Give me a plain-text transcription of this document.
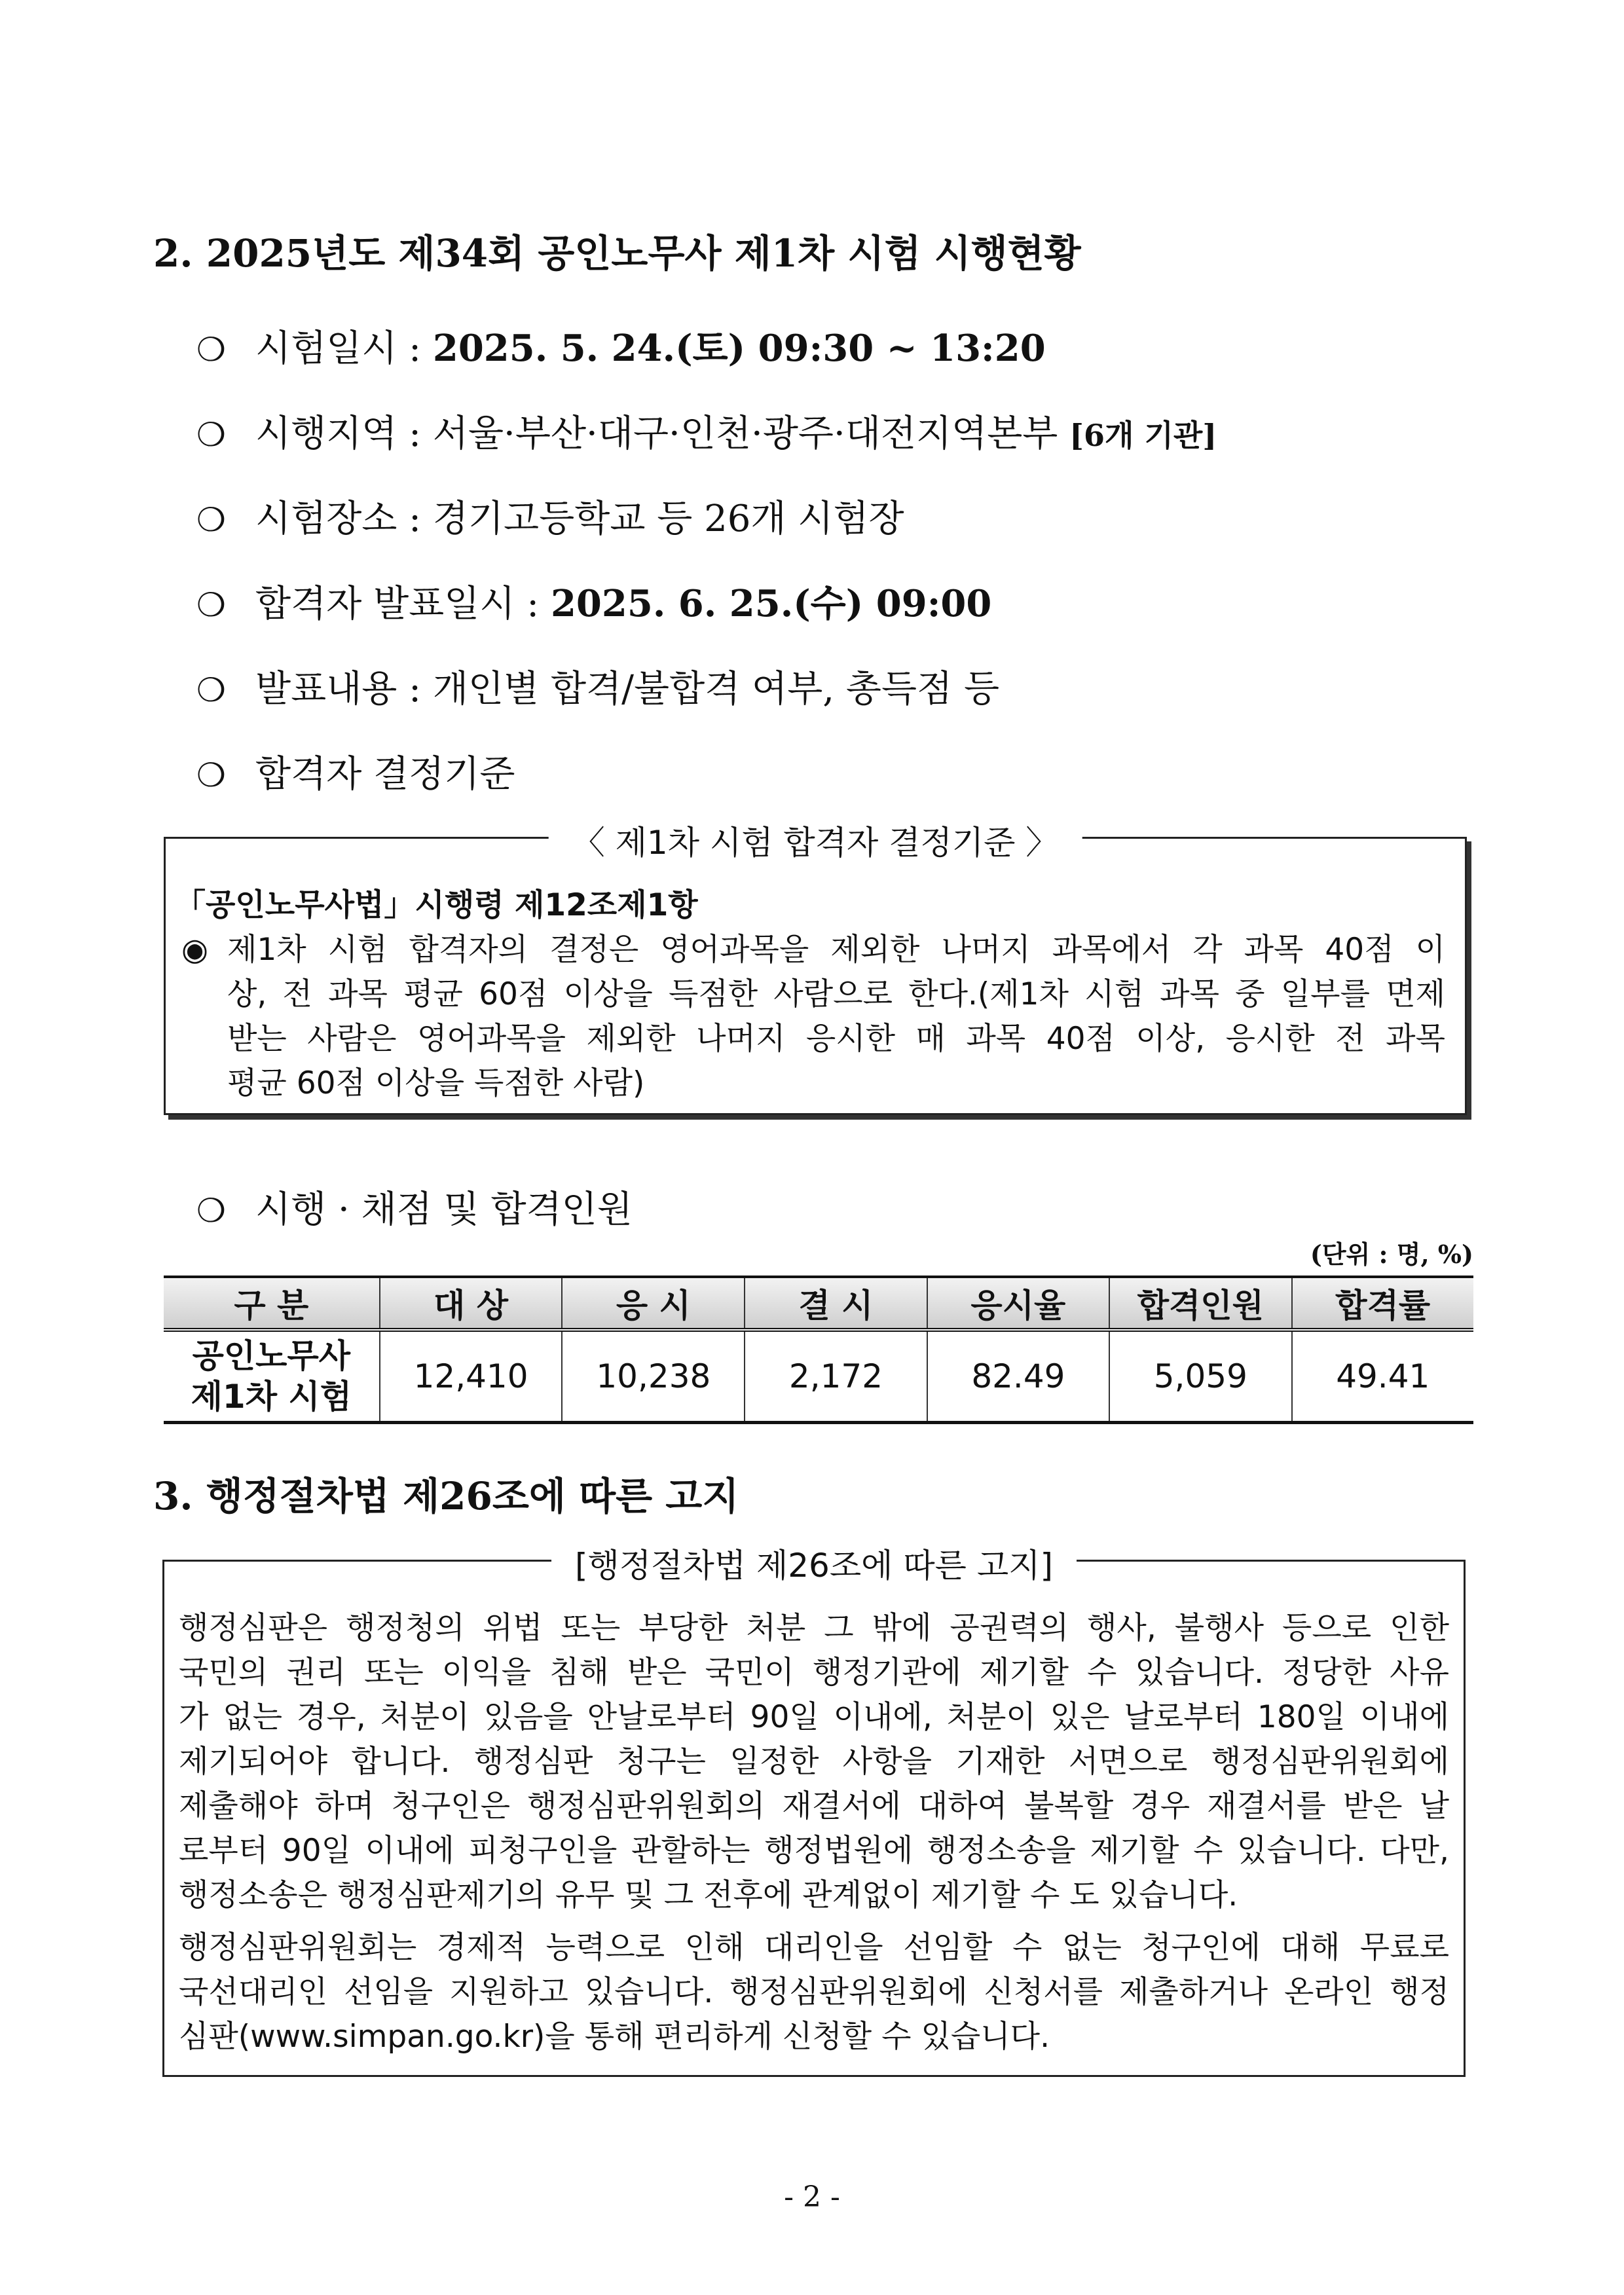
2. 2025년도 제34회 공인노무사 제1차 시험 시행현황
❍ 시험일시 : 2025. 5. 24.(토) 09:30 ~ 13:20
❍ 시행지역 : 서울·부산·대구·인천·광주·대전지역본부 [6개 기관]
❍ 시험장소 : 경기고등학교 등 26개 시험장
❍ 합격자 발표일시 : 2025. 6. 25.(수) 09:00
❍ 발표내용 : 개인별 합격/불합격 여부, 총득점 등
❍ 합격자 결정기준
〈 제1차 시험 합격자 결정기준 〉
「공인노무사법」시행령 제12조제1항
◉ 제1차 시험 합격자의 결정은 영어과목을 제외한 나머지 과목에서 각 과목 40점 이
상, 전 과목 평균 60점 이상을 득점한 사람으로 한다.(제1차 시험 과목 중 일부를 면제
받는 사람은 영어과목을 제외한 나머지 응시한 매 과목 40점 이상, 응시한 전 과목
평균 60점 이상을 득점한 사람)
❍ 시행 · 채점 및 합격인원
(단위 : 명, %)
구 분	대 상	응 시	결 시	응시율	합격인원	합격률

공인노무사
제1차 시험	12,410	10,238	2,172	82.49	5,059	49.41
3. 행정절차법 제26조에 따른 고지
[행정절차법 제26조에 따른 고지]
행정심판은 행정청의 위법 또는 부당한 처분 그 밖에 공권력의 행사, 불행사 등으로 인한
국민의 권리 또는 이익을 침해 받은 국민이 행정기관에 제기할 수 있습니다. 정당한 사유
가 없는 경우, 처분이 있음을 안날로부터 90일 이내에, 처분이 있은 날로부터 180일 이내에
제기되어야 합니다. 행정심판 청구는 일정한 사항을 기재한 서면으로 행정심판위원회에
제출해야 하며 청구인은 행정심판위원회의 재결서에 대하여 불복할 경우 재결서를 받은 날
로부터 90일 이내에 피청구인을 관할하는 행정법원에 행정소송을 제기할 수 있습니다. 다만,
행정소송은 행정심판제기의 유무 및 그 전후에 관계없이 제기할 수 도 있습니다.
행정심판위원회는 경제적 능력으로 인해 대리인을 선임할 수 없는 청구인에 대해 무료로
국선대리인 선임을 지원하고 있습니다. 행정심판위원회에 신청서를 제출하거나 온라인 행정
심판(www.simpan.go.kr)을 통해 편리하게 신청할 수 있습니다.
- 2 -
